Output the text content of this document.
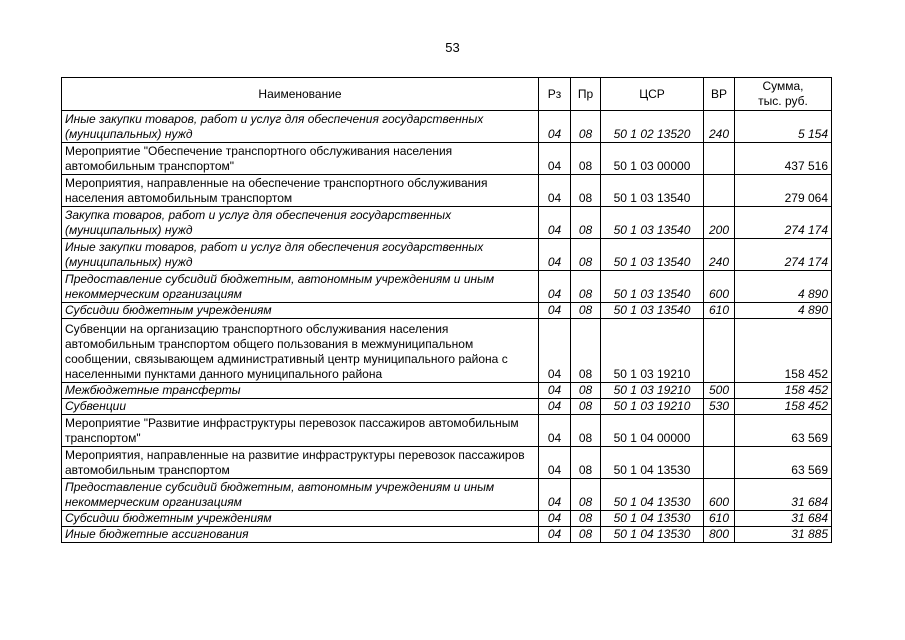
53
Наименование	Рз	Пр	ЦСР	ВР	Сумма,
тыс. руб.

Иные закупки товаров, работ и услуг для обеспечения государственных (муниципальных) нужд	04	08	50 1 02 13520	240	5 154
Мероприятие "Обеспечение транспортного обслуживания населения автомобильным транспортом"	04	08	50 1 03 00000		437 516
Мероприятия, направленные на обеспечение транспортного обслуживания населения автомобильным транспортом	04	08	50 1 03 13540		279 064
Закупка товаров, работ и услуг для обеспечения государственных (муниципальных) нужд	04	08	50 1 03 13540	200	274 174
Иные закупки товаров, работ и услуг для обеспечения государственных (муниципальных) нужд	04	08	50 1 03 13540	240	274 174
Предоставление субсидий бюджетным, автономным учреждениям и иным некоммерческим организациям	04	08	50 1 03 13540	600	4 890
Субсидии бюджетным учреждениям	04	08	50 1 03 13540	610	4 890
Субвенции на организацию транспортного обслуживания населения автомобильным транспортом общего пользования в межмуниципальном сообщении, связывающем административный центр муниципального района с населенными пунктами данного муниципального района	04	08	50 1 03 19210		158 452
Межбюджетные трансферты	04	08	50 1 03 19210	500	158 452
Субвенции	04	08	50 1 03 19210	530	158 452
Мероприятие "Развитие инфраструктуры перевозок пассажиров автомобильным транспортом"	04	08	50 1 04 00000		63 569
Мероприятия, направленные на развитие инфраструктуры перевозок пассажиров автомобильным транспортом	04	08	50 1 04 13530		63 569
Предоставление субсидий бюджетным, автономным учреждениям и иным некоммерческим организациям	04	08	50 1 04 13530	600	31 684
Субсидии бюджетным учреждениям	04	08	50 1 04 13530	610	31 684
Иные бюджетные ассигнования	04	08	50 1 04 13530	800	31 885
